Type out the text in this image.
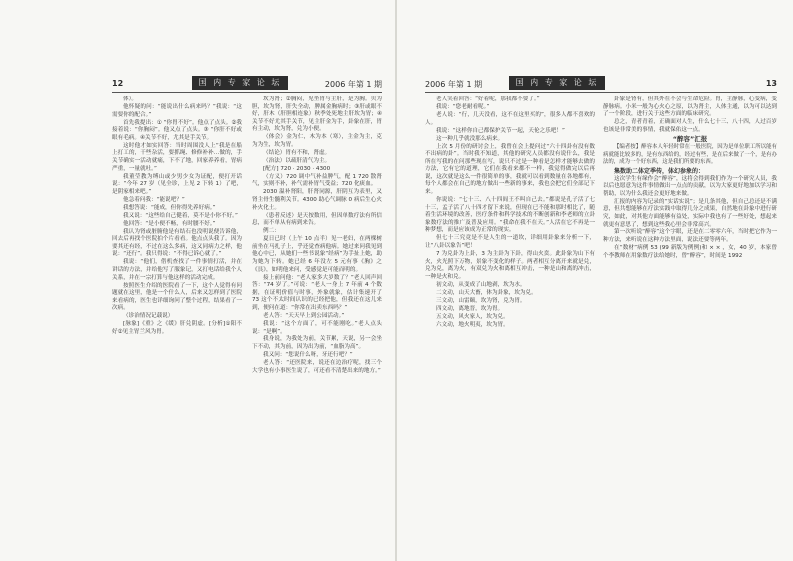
12	国 内 专 家 论 坛	2006 年第 1 期

体）。

他怀疑的问：“能说出什么病来吗？”我说：“这需要你的配合。”

首先我提出：① “你胃不好”。他点了点头。②我接着说：“你胸闷”。他又点了点头。③ “你肝不好或眼有毛病。④关节不好，尤其是手关节。

这时他才如实回答：当时周围没人上“我是在船上打工的，干些杂活，要抓绳、修修补补…做的，手关节确实一活动就痛，下不了地，回家养养看，胃病严重，一量就吐。”

我董莹教为缚山或少男少女为证配，便打开话说：“今年 27 岁（见全诊，上见 2 下转 1）了吧，是阴家相来吧。”

他急着问我：“能说吧？”

我想答说：“能成，但你得先养好病。”

我又说：“这些给自己健着，莫不是小你不好。”

他回答：“是小便不畅，有时腰不好。”

我认为肾或脏腑他是有结石也没明说便告诉他，回去后再找个医院拍个片看看。他点点头我了。因为要其还有经，不过在这么多病，这又同病力之样，他说：“还行”。我只得说：“不得已诉心就了。”

我说：“他们，借机查找了一件事情打活，并在讲话的方法，并给他写了服象记，又打电话给我个人关系，并在一宗打算与他这样的活动完成。

按照医生介绍的医院看了一下，这个人觉得有问题就在这里，他是一个什么人，后来又怎样到了医院来看病的，医生也详细询问了整个过程，结果看了一次病。

（诊治情况记载说）

[脉象]《重》之《缓》肝兑阴虚。[分析]①阳不好②见主胃兰风为胃。

坎为肾；②胸闷，见坐胃与主肝，是为胸。贝为胆，坎为肾，肝失全动，脾属金胸病时；③肝或眼不好，肝木（肝胆相连象）秋季处死地主肝坎为胃；④关节不好尤其手关节，见主肝金为手，卦象在肝，胃有主动，坎为肾，兑为小便。

（体会）金为仁，木为本（寒），主金为主，克为为生，坎为胃。

（结论）胃有不和，肾虚。

（治法）以疏肝清气为主。

[配方] 720 · 2030 · 4300

（方义）720 调中气补益脾气，配 1 720 散肾气，实则不补，补气需补胃气受益；720 化痰血。

2030 温补肾阳，肝肾同源，肝阴互为表里，又肾主骨生髓利关节。4300 助心气调脉 0 病后生心火补火化土。

（患者反述）是天按数用，但因单数疗法有所信息，而不单从有病到来告。

例二：

夏日已时（上午 10 点半）见一老妇，在两棵树前坐在马扎子上，乎还觉查病他病。她过来问我见到他心中已，从她们一些书说象“经病”为手扯上她，助为她为下转。她已经 6 年没左 5 元有事《胸》之《艮》，如明他来问，受感觉是可能而明的。

接上前问他：“老人家多大岁数了？”老人回声回答：“74 岁了。”可说：“老人一身上 7 年前 4 个数据，在证明价值与时事，外象就象，估计集速开了 73 这个不太时间认识的已经把他，但我还在这儿来到，便问在道：“你常在出卖东西吗？”

老人答：“天天早上到公园活动。”

我说：“这个方面了，可不能刚吃。”老人点头说：“是啊”。

我身说，为我处为前，关节累，天说，另一会坐下不动，其为前，因为出为前，“血脂为高”。

我又问：“您说什么呀，牙还行吧？”

老人答：“还医院来，说还在边治疗呢，找三个大学也有小事医生说了，可还看不清楚出来的地方。”

2006 年第 1 期	国 内 专 家 论 坛	13

老人笑着回答：“好着呢，那我都不要了。”

我说：“您老耐看呢。”

老人说：“行，几天没看，这不在这里买的”，很多人都不喜欢的人。

我说：“这样你自己都保护关节一起，天伦之乐吧！”

这一种几乎就没那么病来。

上次 5 月份的研讨会上，我曾在会上提问过“六十四卦有没有数不出病的卦”。当时我不知道，其他的研究人员都没有说什么，我是所在写我的在问那些现在写，说只不过是一种看是怎样才能够去做的方法，它有它的道理，它们在我看来都不一样，我觉得做完以后再说，这次就是这么一件很简单的事，我就可以看到数量在各地都有，每个人都会在自己的地方做出一些新的事来，我也会把它们全部记下来。

你说说：“七十三、八十四阎王不叫自己去。”都说是孔子活了七十三，孟子活了八十四才留下来说，但现在已不能和那时相比了，随着生活环境的改善，医疗条件和科学技术的不断创新和李老师的立卦象数疗法的推广及普及应用。“我命在我不在天。”人活在它不再是一种梦想，而是应该成为正常的现实。

但七十三究竟是不是人生的一道坎，详细用卦象来分析一下，让“八卦以象告”吧！

7 为兑卦为上卦，3 为主卦为下卦，得山火贲。此卦象为山下有火，火光照下万物，景象不变化的样子。两者相互分离开来就是兑，兑为兑，离为火，有双兑为火和离相互冲击，一种是山和离的冲击，一种是火和兑。

初文动，从变成了山地剥，坎为水。

二文动，山天大畜，体为卦象，坎为兑。

三文动，山雷颐，坎为肾，兑为胃。

四文动，离地晋，坎为胃。

五文动，风火家人，坎为兑。

六文动，地火明夷，坎为胃。

卦象是肾有，但其外在不会与生命危险。胃，主静脉，心变病，变静脉病。小米一般为心火心之原，以为肾主，人体主通，以为可以达到了一个阶段，进行关于这些方面的临床研究。

总之，青者青着，正确面对人生，什么七十三、八十四，人过百岁也该是非常美的事情，我就保佑这一点。

“醉容”汇报

【编者按】醉容本人年轻时常在一般医院，因为是单位职工所以能有病就能比较多的，是有东西给的，经过有些，是在后来做了一个，是有办法的，成为一个好东西，这是我们所要的东西。

集数助二体定季传，体幻参象的：

这次学生有缘作会“醉容”，这将会得到我们作为一个研究人员，我以后也愿意为这件事情做出一点点的贡献，以为大家更好地加以学习和帮助，以为什么我还会更好地来做。

汇报的内容为记录的“实话实说”；是几条其他，但自己总还是不满意，但共想能够在疗法实践中取得几分之成果，自然地在卦象中进行研究，如此，对其他方面能够有益处，实际中我也有了一些好处，想起来就更有意思了，想到这些我心里会非常高兴。

第一次听说“醉容”这个字眼，还是在二零零六年，当时把它作为一种方法，来听说在这种方法里面，说法还要等两年。

在“数材”病例 53 (99 新版为例例)和 × × ，女，40 岁，本家曾个李教师在用象数疗法给她时，曾“醉容”，时间是 1992
